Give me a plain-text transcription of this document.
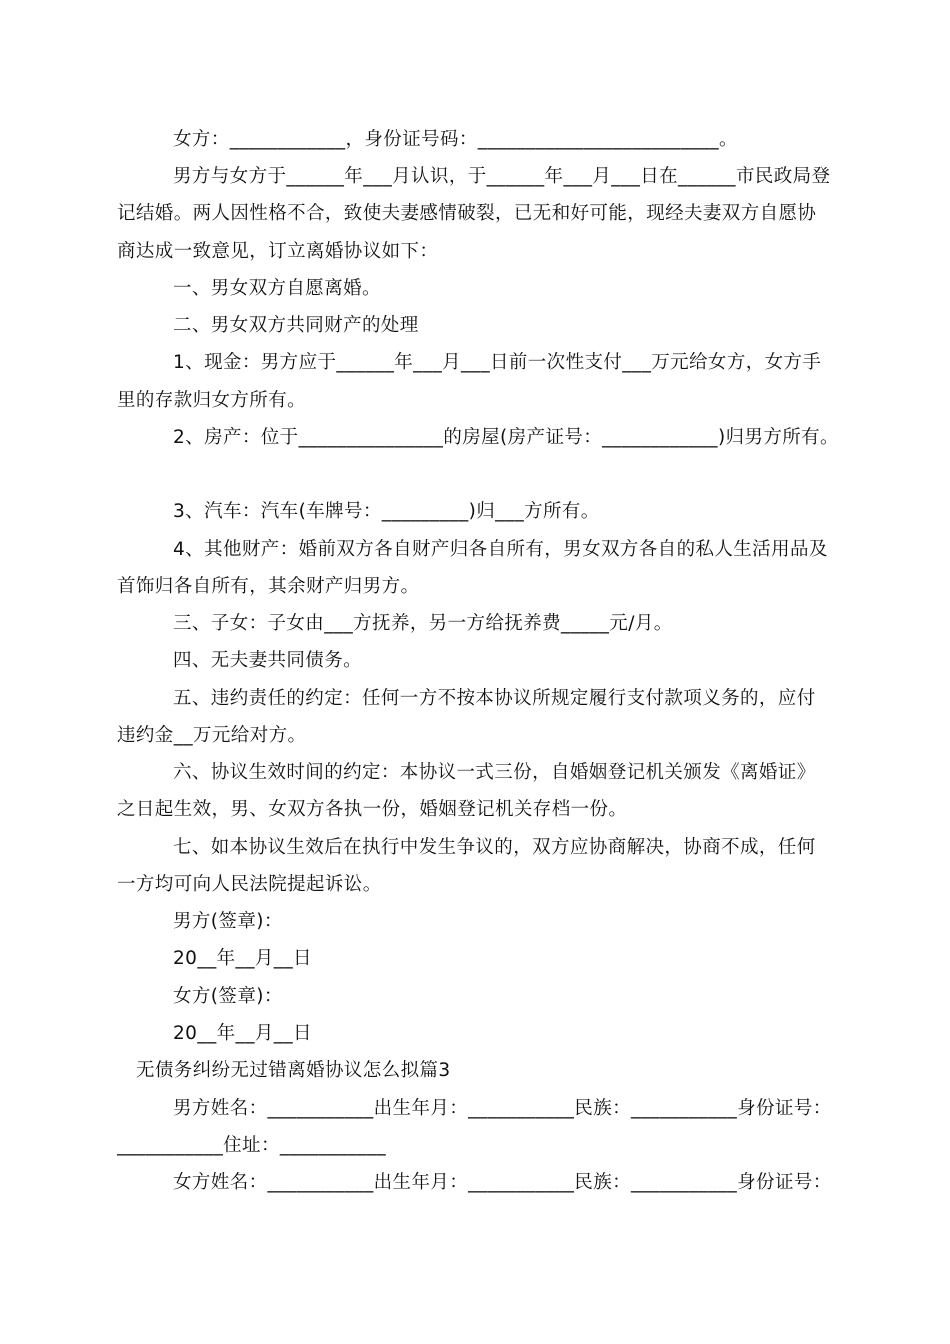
女方：____________，身份证号码：_________________________。
男方与女方于______年___月认识，于______年___月___日在______市民政局登
记结婚。两人因性格不合，致使夫妻感情破裂，已无和好可能，现经夫妻双方自愿协
商达成一致意见，订立离婚协议如下：
一、男女双方自愿离婚。
二、男女双方共同财产的处理
1、现金：男方应于______年___月___日前一次性支付___万元给女方，女方手
里的存款归女方所有。
2、房产：位于_______________的房屋(房产证号：____________)归男方所有。
3、汽车：汽车(车牌号：_________)归___方所有。
4、其他财产：婚前双方各自财产归各自所有，男女双方各自的私人生活用品及
首饰归各自所有，其余财产归男方。
三、子女：子女由___方抚养，另一方给抚养费_____元/月。
四、无夫妻共同债务。
五、违约责任的约定：任何一方不按本协议所规定履行支付款项义务的，应付
违约金__万元给对方。
六、协议生效时间的约定：本协议一式三份，自婚姻登记机关颁发《离婚证》
之日起生效，男、女双方各执一份，婚姻登记机关存档一份。
七、如本协议生效后在执行中发生争议的，双方应协商解决，协商不成，任何
一方均可向人民法院提起诉讼。
男方(签章)：
20__年__月__日
女方(签章)：
20__年__月__日
无债务纠纷无过错离婚协议怎么拟篇3
男方姓名：___________出生年月：___________民族：___________身份证号：
___________住址：___________
女方姓名：___________出生年月：___________民族：___________身份证号：
